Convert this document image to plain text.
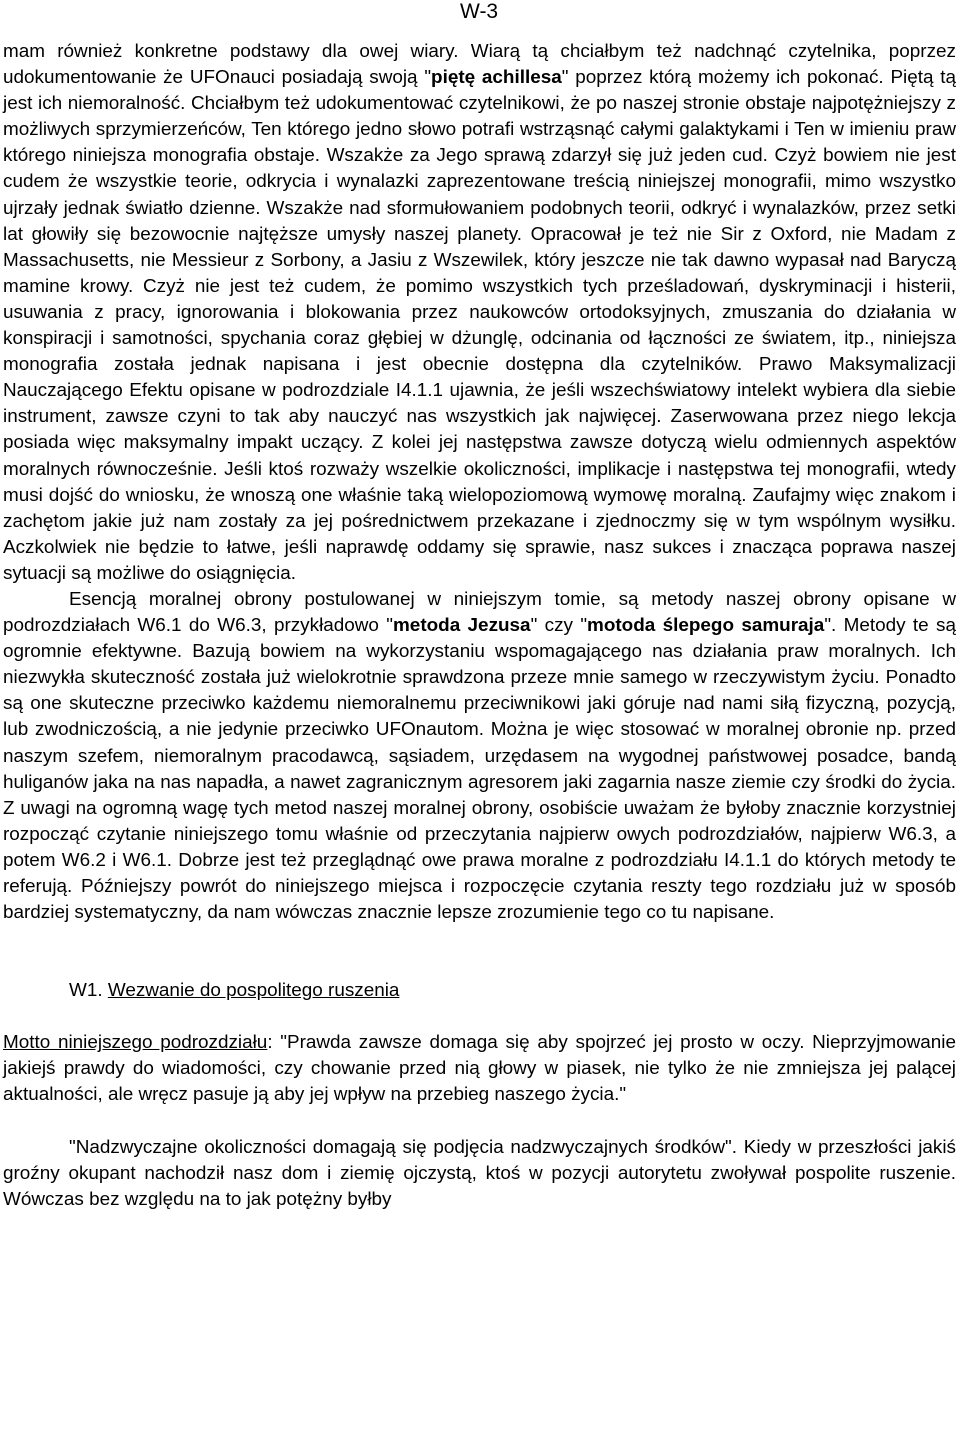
W-3

mam również konkretne podstawy dla owej wiary. Wiarą tą chciałbym też nadchnąć czytelnika, poprzez udokumentowanie że UFOnauci posiadają swoją "piętę achillesa" poprzez którą możemy ich pokonać. Piętą tą jest ich niemoralność. Chciałbym też udokumentować czytelnikowi, że po naszej stronie obstaje najpotężniejszy z możliwych sprzymierzeńców, Ten którego jedno słowo potrafi wstrząsnąć całymi galaktykami i Ten w imieniu praw którego niniejsza monografia obstaje. Wszakże za Jego sprawą zdarzył się już jeden cud. Czyż bowiem nie jest cudem że wszystkie teorie, odkrycia i wynalazki zaprezentowane treścią niniejszej monografii, mimo wszystko ujrzały jednak światło dzienne. Wszakże nad sformułowaniem podobnych teorii, odkryć i wynalazków, przez setki lat głowiły się bezowocnie najtęższe umysły naszej planety. Opracował je też nie Sir z Oxford, nie Madam z Massachusetts, nie Messieur z Sorbony, a Jasiu z Wszewilek, który jeszcze nie tak dawno wypasał nad Baryczą mamine krowy. Czyż nie jest też cudem, że pomimo wszystkich tych prześladowań, dyskryminacji i histerii, usuwania z pracy, ignorowania i blokowania przez naukowców ortodoksyjnych, zmuszania do działania w konspiracji i samotności, spychania coraz głębiej w dżunglę, odcinania od łączności ze światem, itp., niniejsza monografia została jednak napisana i jest obecnie dostępna dla czytelników. Prawo Maksymalizacji Nauczającego Efektu opisane w podrozdziale I4.1.1 ujawnia, że jeśli wszechświatowy intelekt wybiera dla siebie instrument, zawsze czyni to tak aby nauczyć nas wszystkich jak najwięcej. Zaserwowana przez niego lekcja posiada więc maksymalny impakt uczący. Z kolei jej następstwa zawsze dotyczą wielu odmiennych aspektów moralnych równocześnie. Jeśli ktoś rozważy wszelkie okoliczności, implikacje i następstwa tej monografii, wtedy musi dojść do wniosku, że wnoszą one właśnie taką wielopoziomową wymowę moralną. Zaufajmy więc znakom i zachętom jakie już nam zostały za jej pośrednictwem przekazane i zjednoczmy się w tym wspólnym wysiłku. Aczkolwiek nie będzie to łatwe, jeśli naprawdę oddamy się sprawie, nasz sukces i znacząca poprawa naszej sytuacji są możliwe do osiągnięcia.

Esencją moralnej obrony postulowanej w niniejszym tomie, są metody naszej obrony opisane w podrozdziałach W6.1 do W6.3, przykładowo "metoda Jezusa" czy "motoda ślepego samuraja". Metody te są ogromnie efektywne. Bazują bowiem na wykorzystaniu wspomagającego nas działania praw moralnych. Ich niezwykła skuteczność została już wielokrotnie sprawdzona przeze mnie samego w rzeczywistym życiu. Ponadto są one skuteczne przeciwko każdemu niemoralnemu przeciwnikowi jaki góruje nad nami siłą fizyczną, pozycją, lub zwodniczością, a nie jedynie przeciwko UFOnautom. Można je więc stosować w moralnej obronie np. przed naszym szefem, niemoralnym pracodawcą, sąsiadem, urzędasem na wygodnej państwowej posadce, bandą huliganów jaka na nas napadła, a nawet zagranicznym agresorem jaki zagarnia nasze ziemie czy środki do życia. Z uwagi na ogromną wagę tych metod naszej moralnej obrony, osobiście uważam że byłoby znacznie korzystniej rozpocząć czytanie niniejszego tomu właśnie od przeczytania najpierw owych podrozdziałów, najpierw W6.3, a potem W6.2 i W6.1. Dobrze jest też przeglądnąć owe prawa moralne z podrozdziału I4.1.1 do których metody te referują. Późniejszy powrót do niniejszego miejsca i rozpoczęcie czytania reszty tego rozdziału już w sposób bardziej systematyczny, da nam wówczas znacznie lepsze zrozumienie tego co tu napisane.

W1. Wezwanie do pospolitego ruszenia

Motto niniejszego podrozdziału: "Prawda zawsze domaga się aby spojrzeć jej prosto w oczy. Nieprzyjmowanie jakiejś prawdy do wiadomości, czy chowanie przed nią głowy w piasek, nie tylko że nie zmniejsza jej palącej aktualności, ale wręcz pasuje ją aby jej wpływ na przebieg naszego życia."

"Nadzwyczajne okoliczności domagają się podjęcia nadzwyczajnych środków". Kiedy w przeszłości jakiś groźny okupant nachodził nasz dom i ziemię ojczystą, ktoś w pozycji autorytetu zwoływał pospolite ruszenie. Wówczas bez względu na to jak potężny byłby
